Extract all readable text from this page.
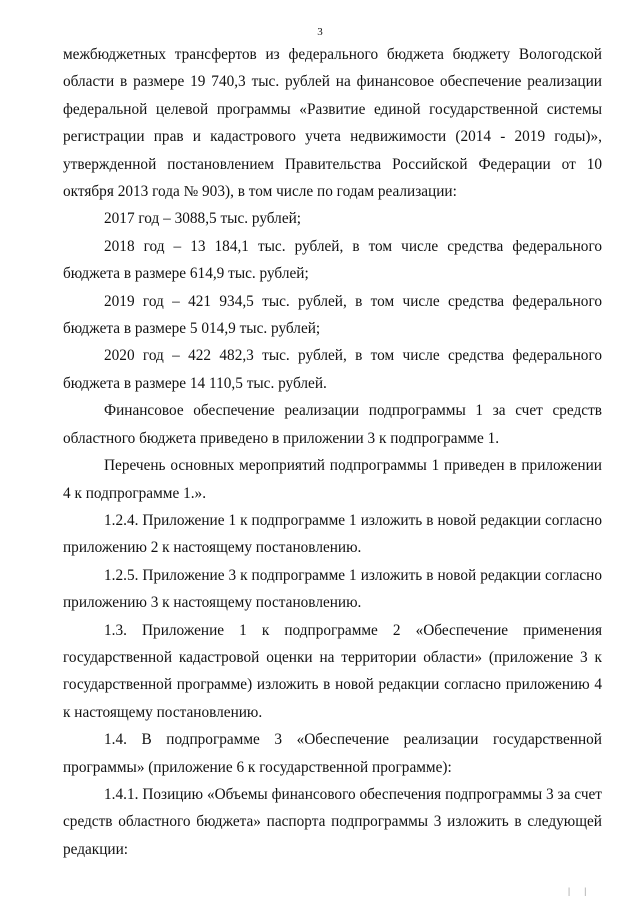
3

межбюджетных трансфертов из федерального бюджета бюджету Вологодской области в размере 19 740,3 тыс. рублей на финансовое обеспечение реализации федеральной целевой программы «Развитие единой государственной системы регистрации прав и кадастрового учета недвижимости (2014 - 2019 годы)», утвержденной постановлением Правительства Российской Федерации от 10 октября 2013 года № 903), в том числе по годам реализации:

2017 год – 3088,5 тыс. рублей;

2018 год – 13 184,1 тыс. рублей, в том числе средства федерального бюджета в размере 614,9 тыс. рублей;

2019 год – 421 934,5 тыс. рублей, в том числе средства федерального бюджета в размере 5 014,9 тыс. рублей;

2020 год – 422 482,3 тыс. рублей, в том числе средства федерального бюджета в размере 14 110,5 тыс. рублей.

Финансовое обеспечение реализации подпрограммы 1 за счет средств областного бюджета приведено в приложении 3 к подпрограмме 1.

Перечень основных мероприятий подпрограммы 1 приведен в приложении 4 к подпрограмме 1.».

1.2.4. Приложение 1 к подпрограмме 1 изложить в новой редакции согласно приложению 2 к настоящему постановлению.

1.2.5. Приложение 3 к подпрограмме 1 изложить в новой редакции согласно приложению 3 к настоящему постановлению.

1.3. Приложение 1 к подпрограмме 2 «Обеспечение применения государственной кадастровой оценки на территории области» (приложение 3 к государственной программе) изложить в новой редакции согласно приложению 4 к настоящему постановлению.

1.4. В подпрограмме 3 «Обеспечение реализации государственной программы» (приложение 6 к государственной программе):

1.4.1. Позицию «Объемы финансового обеспечения подпрограммы 3 за счет средств областного бюджета» паспорта подпрограммы 3 изложить в следующей редакции:

| |
